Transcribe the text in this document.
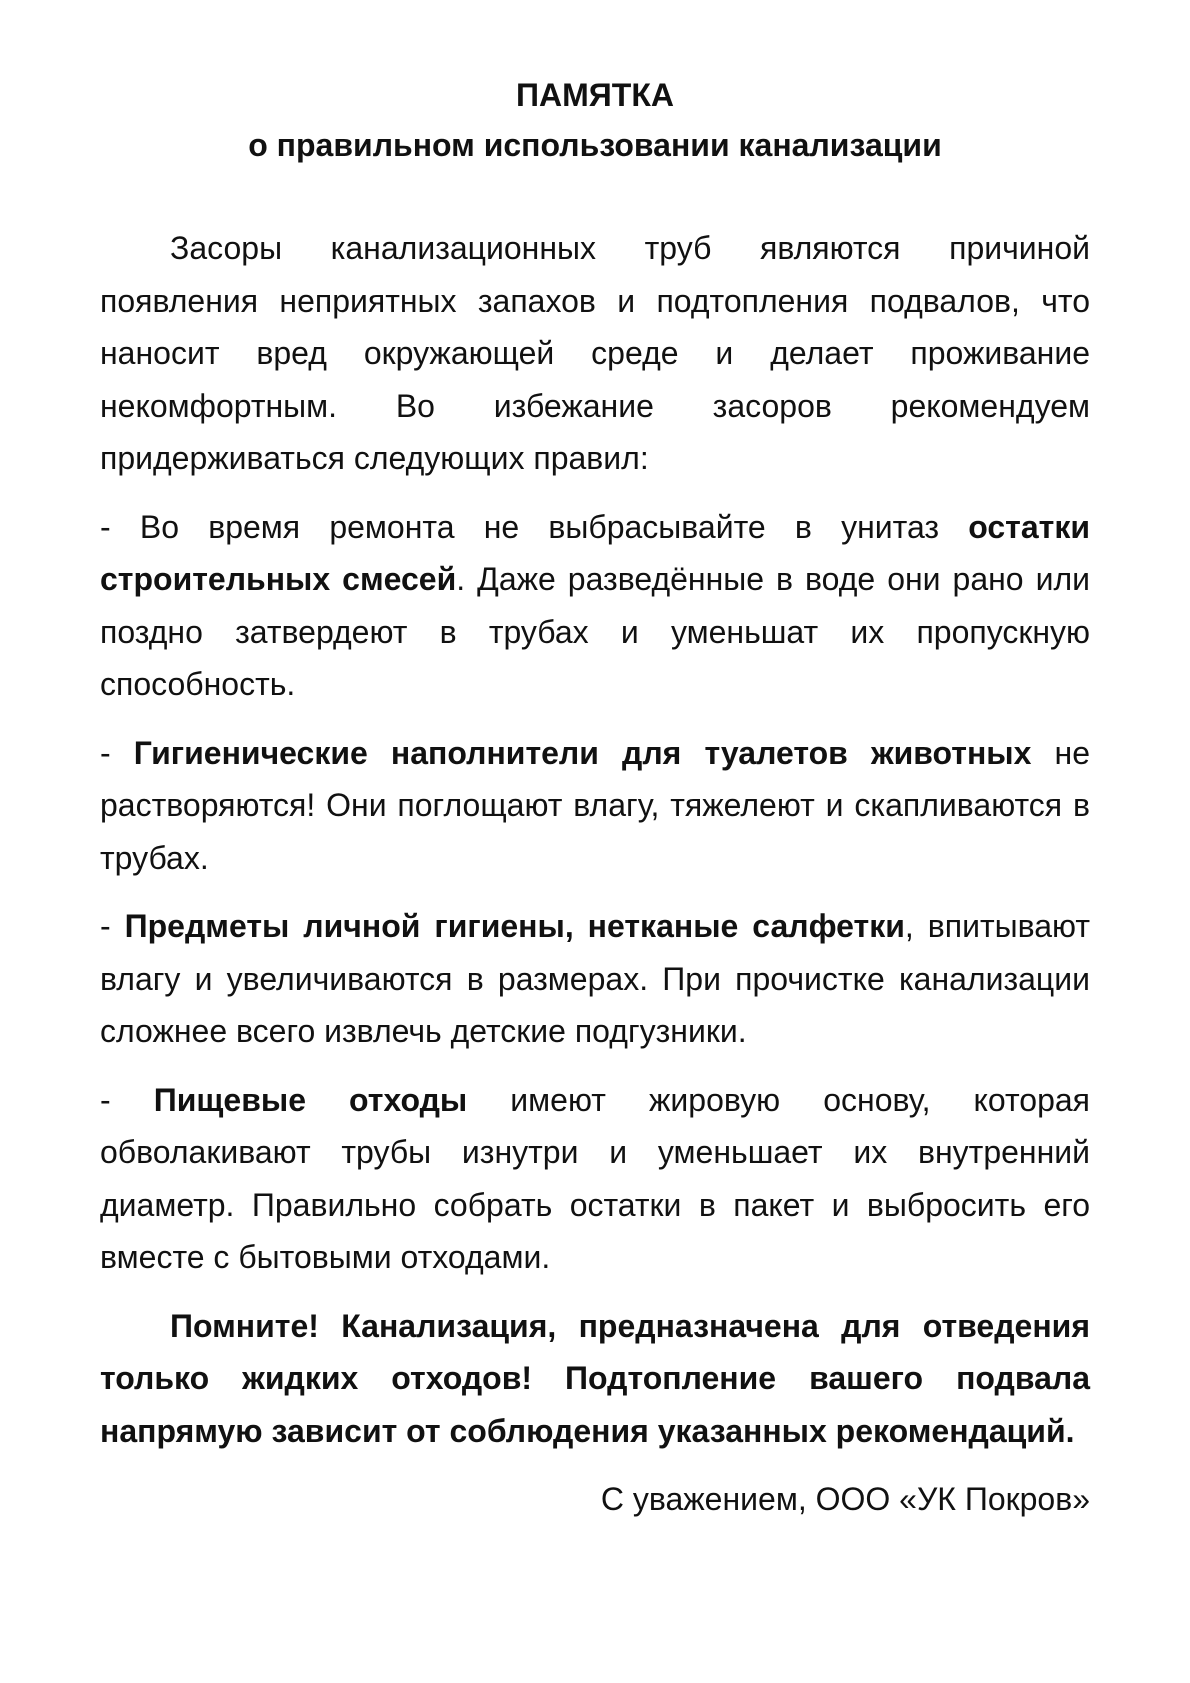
ПАМЯТКА
о правильном использовании канализации

Засоры канализационных труб являются причиной появления неприятных запахов и подтопления подвалов, что наносит вред окружающей среде и делает проживание некомфортным. Во избежание засоров рекомендуем придерживаться следующих правил:

- Во время ремонта не выбрасывайте в унитаз остатки строительных смесей. Даже разведённые в воде они рано или поздно затвердеют в трубах и уменьшат их пропускную способность.

- Гигиенические наполнители для туалетов животных не растворяются! Они поглощают влагу, тяжелеют и скапливаются в трубах.

- Предметы личной гигиены, нетканые салфетки, впитывают влагу и увеличиваются в размерах. При прочистке канализации сложнее всего извлечь детские подгузники.

- Пищевые отходы имеют жировую основу, которая обволакивают трубы изнутри и уменьшает их внутренний диаметр. Правильно собрать остатки в пакет и выбросить его вместе с бытовыми отходами.

Помните! Канализация, предназначена для отведения только жидких отходов! Подтопление вашего подвала напрямую зависит от соблюдения указанных рекомендаций.

С уважением, ООО «УК Покров»
